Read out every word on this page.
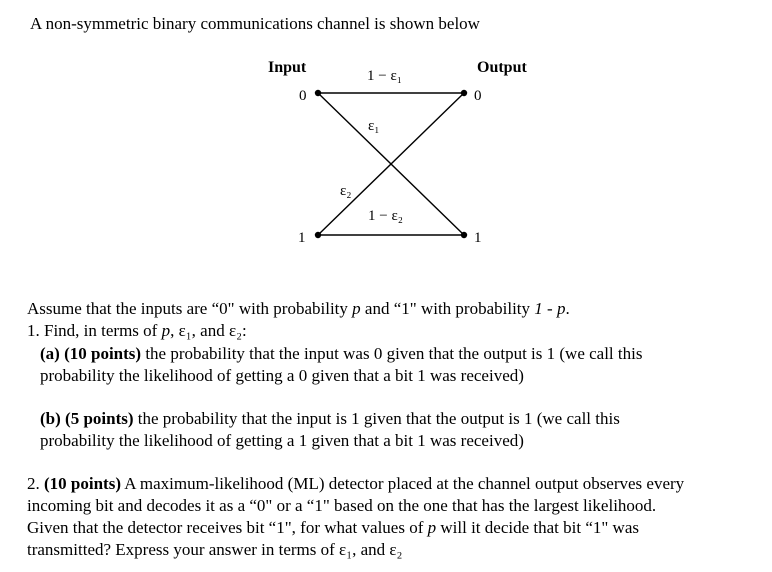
A non-symmetric binary communications channel is shown below
Input	Output
0
1
0
1
1 − ε₁
ε₁
ε₂
1 − ε₂
Assume that the inputs are “0" with probability p and “1" with probability 1 - p.
1. Find, in terms of p, ε₁, and ε₂:
(a) (10 points) the probability that the input was 0 given that the output is 1 (we call this
probability the likelihood of getting a 0 given that a bit 1 was received)
(b) (5 points) the probability that the input is 1 given that the output is 1 (we call this
probability the likelihood of getting a 1 given that a bit 1 was received)
2. (10 points) A maximum-likelihood (ML) detector placed at the channel output observes every
incoming bit and decodes it as a “0" or a “1" based on the one that has the largest likelihood.
Given that the detector receives bit “1", for what values of p will it decide that bit “1" was
transmitted? Express your answer in terms of ε₁, and ε₂
